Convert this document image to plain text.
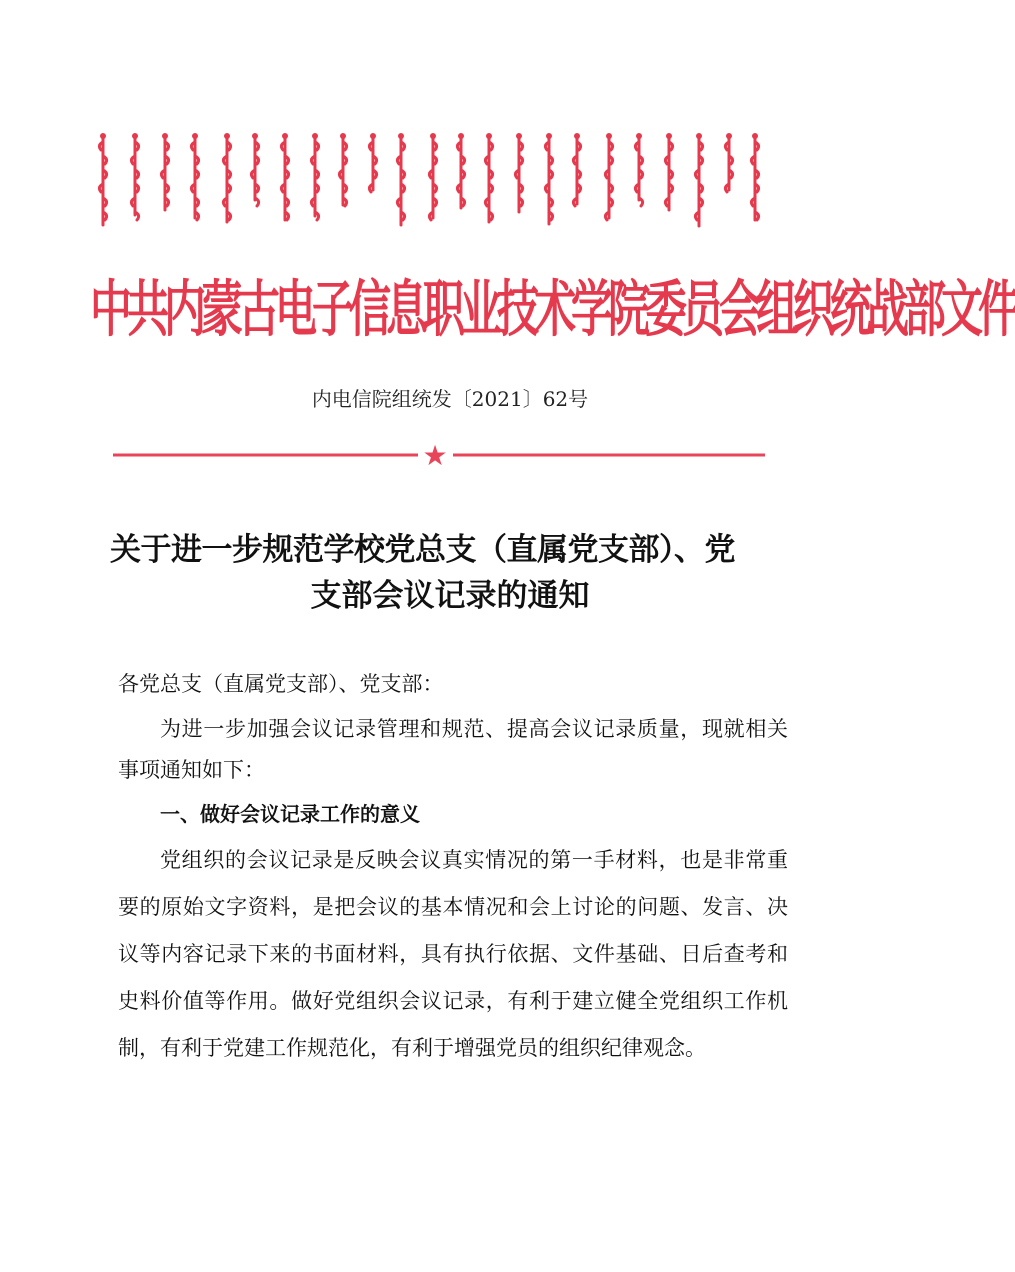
中共内蒙古电子信息职业技术学院委员会组织统战部文件
内电信院组统发〔2021〕62号
★
关于进一步规范学校党总支（直属党支部）、党
支部会议记录的通知

各党总支（直属党支部）、党支部：

为进一步加强会议记录管理和规范、提高会议记录质量，现就相关事项通知如下：

一、做好会议记录工作的意义

党组织的会议记录是反映会议真实情况的第一手材料，也是非常重要的原始文字资料，是把会议的基本情况和会上讨论的问题、发言、决议等内容记录下来的书面材料，具有执行依据、文件基础、日后查考和史料价值等作用。做好党组织会议记录，有利于建立健全党组织工作机制，有利于党建工作规范化，有利于增强党员的组织纪律观念。
